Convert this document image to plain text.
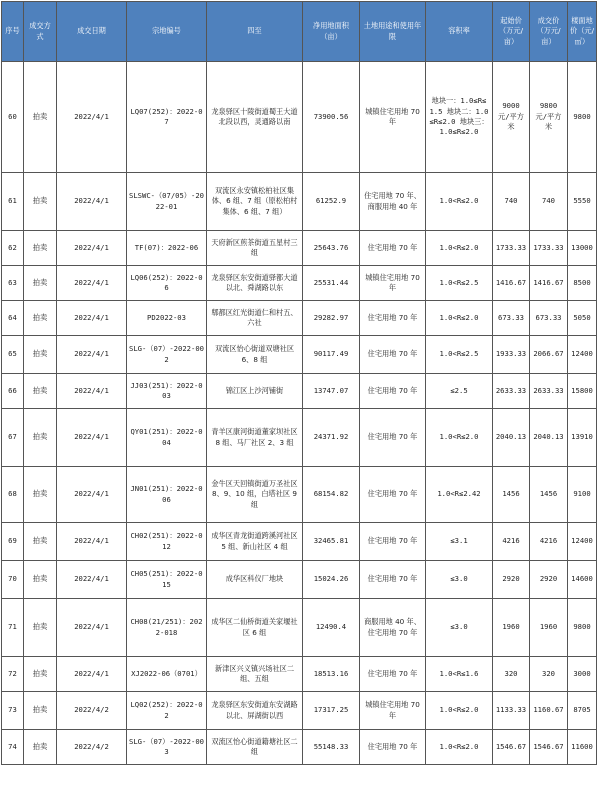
序号	成交方式	成交日期	宗地编号	四至	净用地面积（亩）	土地用途和使用年限	容积率	起始价（万元/亩）	成交价（万元/亩）	楼面地价（元/㎡）
60	拍卖	2022/4/1	LQ07(252)：2022-07	龙泉驿区十陵街道蜀王大道北段以西，灵通路以南	73900.56	城镇住宅用地 70 年	地块一：1.0≤R≤1.5 地块二：1.0≤R≤2.0 地块三：1.0≤R≤2.0	9000 元/平方米	9800 元/平方米	9800
61	拍卖	2022/4/1	SLSWC-（07/05）-2022-01	双流区永安镇松柏社区集体、6 组、7 组（原松柏村集体、6 组、7 组）	61252.9	住宅用地 70 年、商服用地 40 年	1.0<R≤2.0	740	740	5550
62	拍卖	2022/4/1	TF(07)：2022-06	天府新区煎茶街道五星村三组	25643.76	住宅用地 70 年	1.0<R≤2.0	1733.33	1733.33	13000
63	拍卖	2022/4/1	LQ06(252)：2022-06	龙泉驿区东安街道驿都大道以北、舜湖路以东	25531.44	城镇住宅用地 70 年	1.0<R≤2.5	1416.67	1416.67	8500
64	拍卖	2022/4/1	PD2022-03	郫都区红光街道仁和村五、六社	29282.97	住宅用地 70 年	1.0<R≤2.0	673.33	673.33	5050
65	拍卖	2022/4/1	SLG-（07）-2022-002	双流区怡心街道双塘社区 6、8 组	90117.49	住宅用地 70 年	1.0<R≤2.5	1933.33	2066.67	12400
66	拍卖	2022/4/1	JJ03(251)：2022-003	锦江区上沙河铺街	13747.07	住宅用地 70 年	≤2.5	2633.33	2633.33	15800
67	拍卖	2022/4/1	QY01(251)：2022-004	青羊区康河街道董家坝社区 8 组、马厂社区 2、3 组	24371.92	住宅用地 70 年	1.0<R≤2.0	2040.13	2040.13	13910
68	拍卖	2022/4/1	JN01(251)：2022-006	金牛区天回镇街道万圣社区 8、9、10 组，白塔社区 9 组	68154.82	住宅用地 70 年	1.0<R≤2.42	1456	1456	9100
69	拍卖	2022/4/1	CH02(251)：2022-012	成华区青龙街道跨溪河社区 5 组、新山社区 4 组	32465.81	住宅用地 70 年	≤3.1	4216	4216	12400
70	拍卖	2022/4/1	CH05(251)：2022-015	成华区科仪厂地块	15024.26	住宅用地 70 年	≤3.0	2920	2920	14600
71	拍卖	2022/4/1	CH08(21/251)：2022-018	成华区二仙桥街道关家堰社区 6 组	12490.4	商服用地 40 年、住宅用地 70 年	≤3.0	1960	1960	9800
72	拍卖	2022/4/1	XJ2022-06（0701）	新津区兴义镇兴场社区二组、五组	18513.16	住宅用地 70 年	1.0<R≤1.6	320	320	3000
73	拍卖	2022/4/2	LQ02(252)：2022-02	龙泉驿区东安街道东安湖路以北、屏湖街以西	17317.25	城镇住宅用地 70 年	1.0<R≤2.0	1133.33	1160.67	8705
74	拍卖	2022/4/2	SLG-（07）-2022-003	双流区怡心街道籍塘社区二组	55148.33	住宅用地 70 年	1.0<R≤2.0	1546.67	1546.67	11600
